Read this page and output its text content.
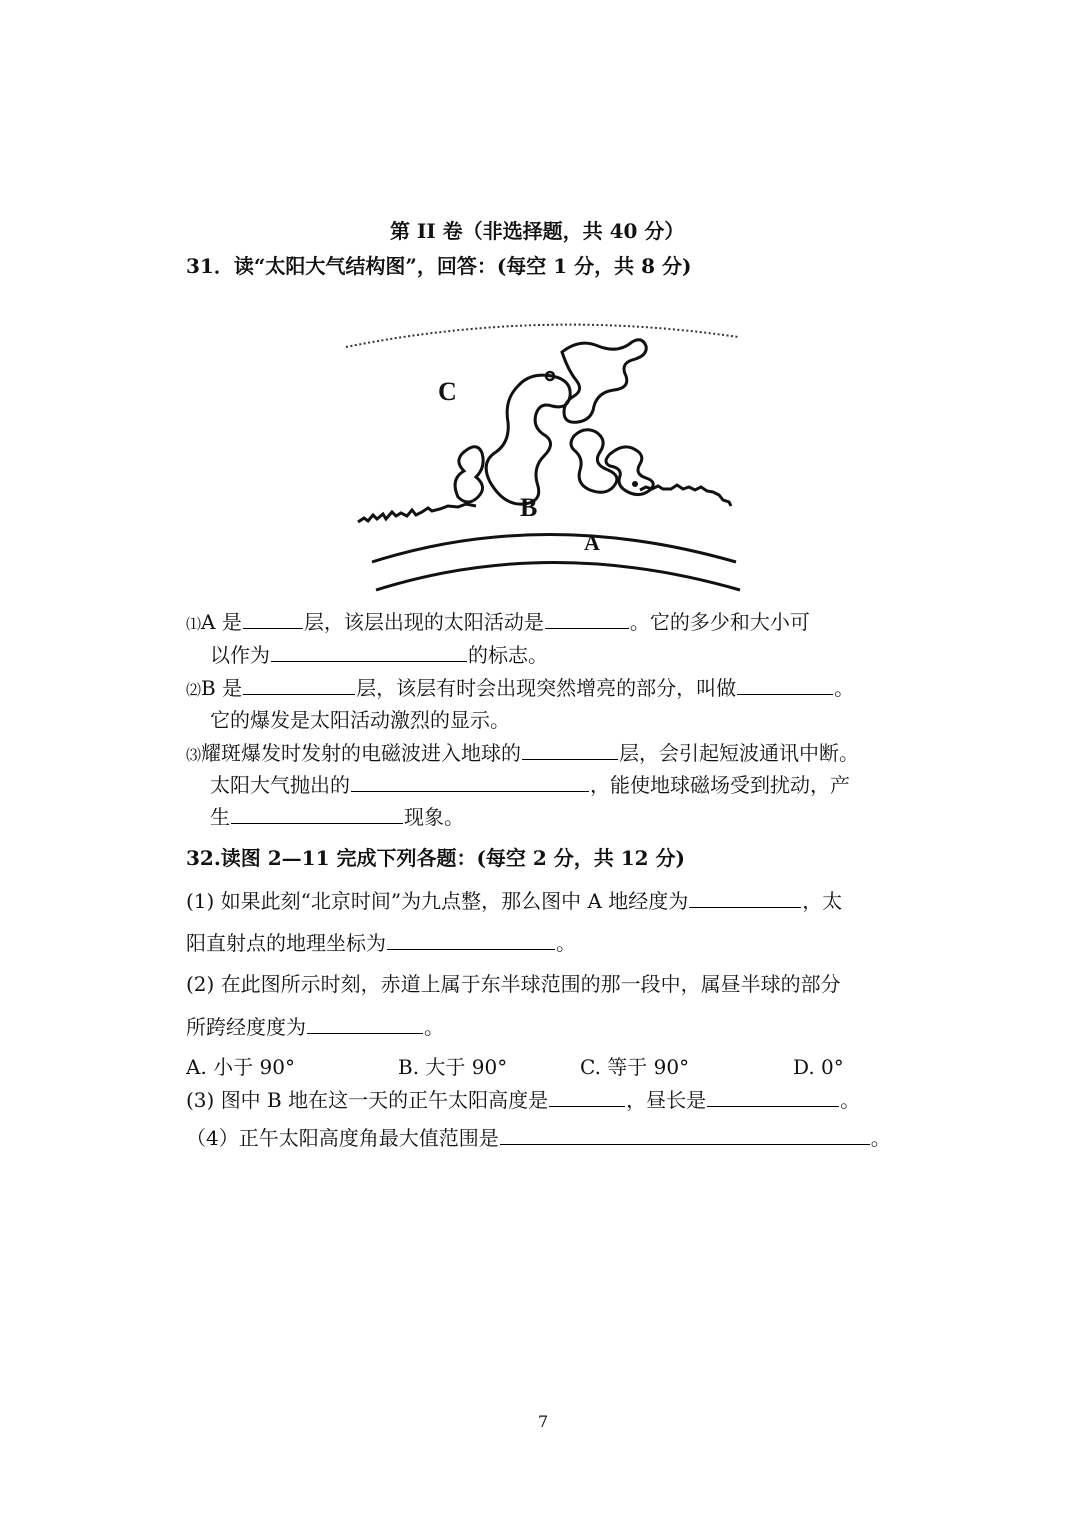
第 II 卷（非选择题，共 40 分）
31．读“太阳大气结构图”，回答：(每空 1 分，共 8 分)
C
B
A
⑴A 是	层，该层出现的太阳活动是	。它的多少和大小可
以作为	的标志。
⑵B 是	层，该层有时会出现突然增亮的部分，叫做	。
它的爆发是太阳活动激烈的显示。
⑶耀斑爆发时发射的电磁波进入地球的	层，会引起短波通讯中断。
太阳大气抛出的	，能使地球磁场受到扰动，产
生	现象。
32.读图 2—11 完成下列各题：(每空 2 分，共 12 分)
(1) 如果此刻“北京时间”为九点整，那么图中 A 地经度为	，太
阳直射点的地理坐标为	。
(2) 在此图所示时刻，赤道上属于东半球范围的那一段中，属昼半球的部分
所跨经度度为	。
A. 小于 90°	B. 大于 90°	C. 等于 90°	D. 0°
(3) 图中 B 地在这一天的正午太阳高度是	，昼长是	。
（4）正午太阳高度角最大值范围是	。
7
